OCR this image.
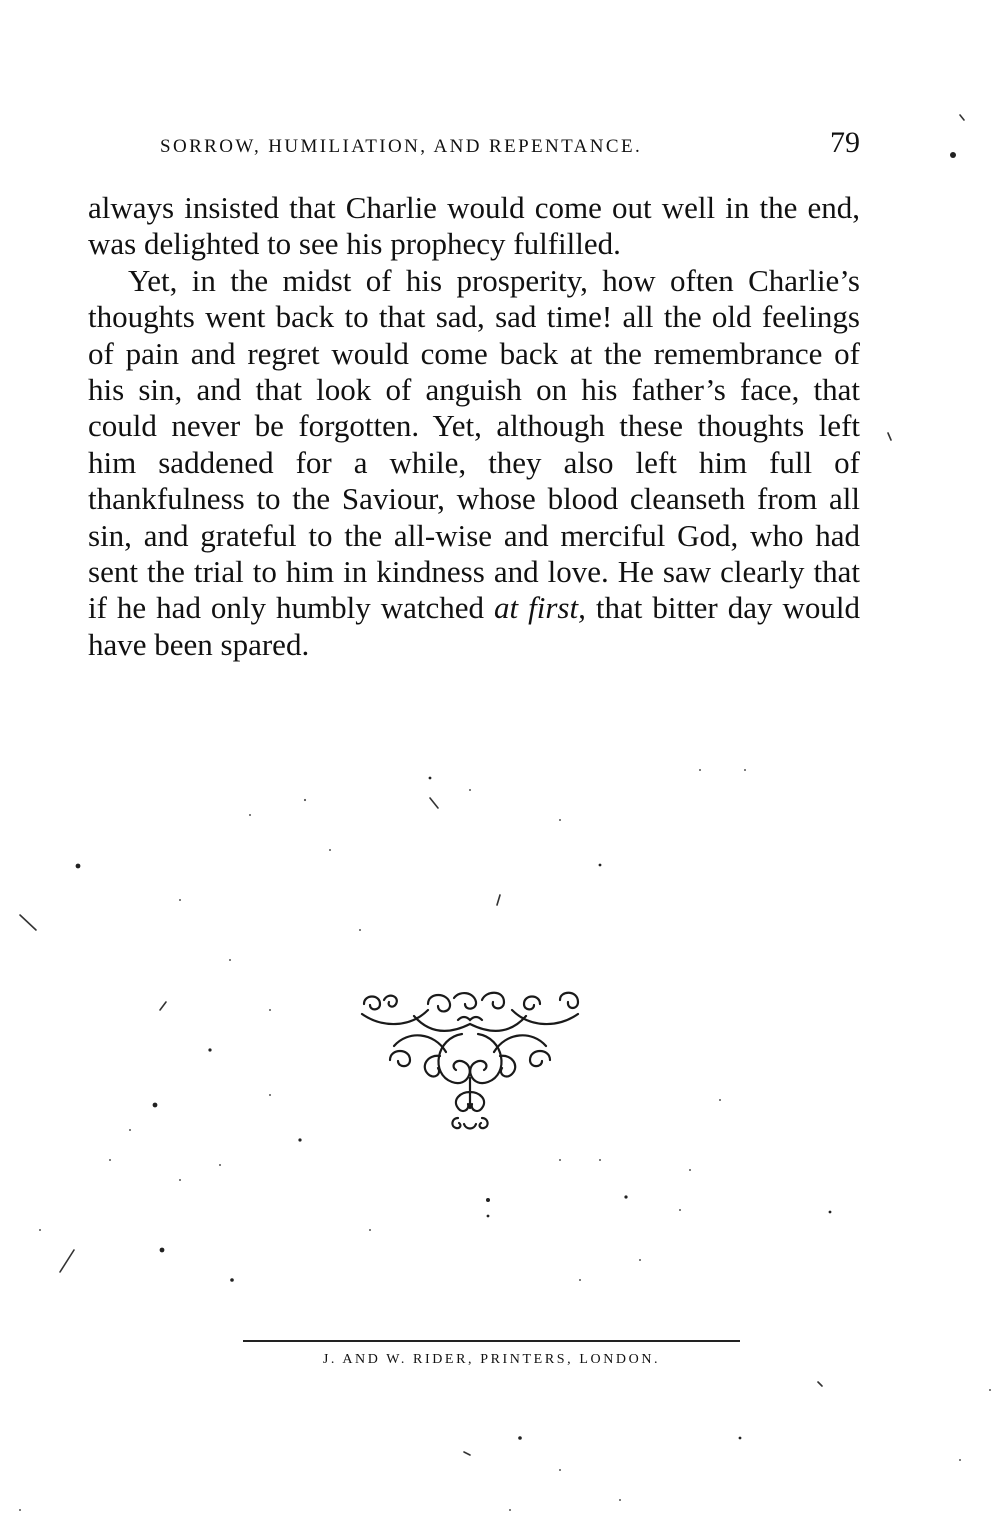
SORROW, HUMILIATION, AND REPENTANCE.	79

always insisted that Charlie would come out well in the end, was delighted to see his prophecy fulfilled.

Yet, in the midst of his prosperity, how often Charlie’s thoughts went back to that sad, sad time! all the old feelings of pain and regret would come back at the remembrance of his sin, and that look of anguish on his father’s face, that could never be forgotten. Yet, although these thoughts left him saddened for a while, they also left him full of thankfulness to the Saviour, whose blood cleanseth from all sin, and grateful to the all-wise and merciful God, who had sent the trial to him in kindness and love. He saw clearly that if he had only humbly watched at first, that bitter day would have been spared.

J. AND W. RIDER, PRINTERS, LONDON.
